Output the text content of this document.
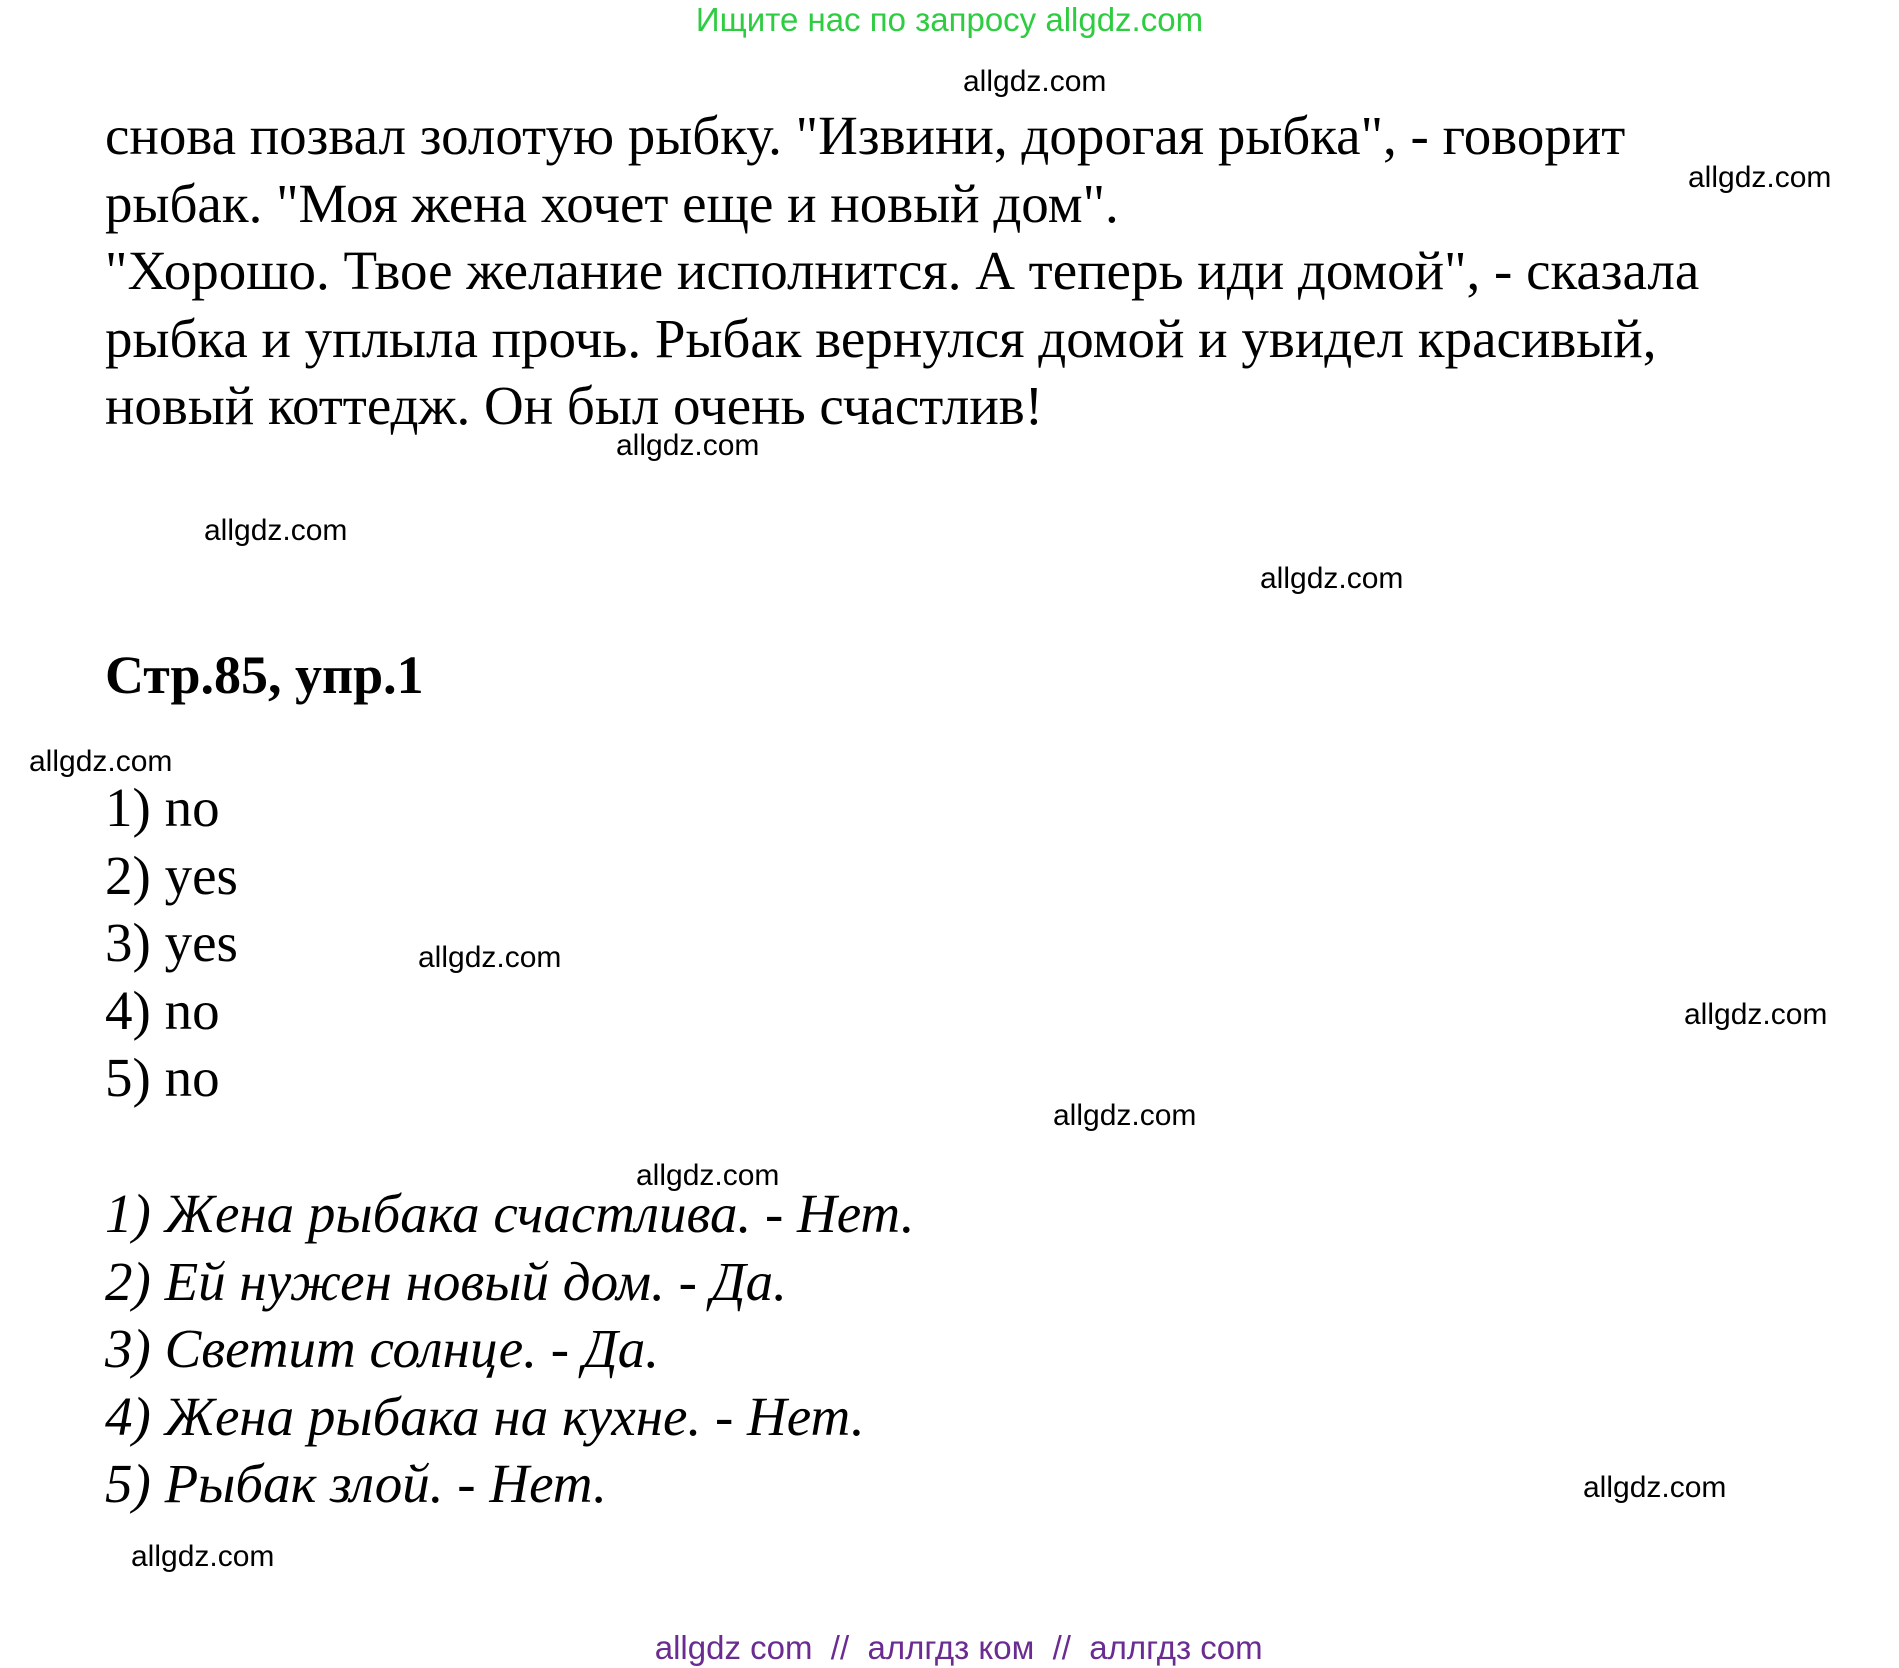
Ищите нас по запросу allgdz.com
allgdz.com
allgdz.com
снова позвал золотую рыбку. "Извини, дорогая рыбка", - говорит
рыбак. "Моя жена хочет еще и новый дом".
"Хорошо. Твое желание исполнится. А теперь иди домой", - сказала
рыбка и уплыла прочь. Рыбак вернулся домой и увидел красивый,
новый коттедж. Он был очень счастлив!
allgdz.com
allgdz.com
allgdz.com
Стр.85, упр.1
allgdz.com
1) no
2) yes
3) yes
4) no
5) no
allgdz.com
allgdz.com
allgdz.com
allgdz.com
1) Жена рыбака счастлива. - Нет.
2) Ей нужен новый дом. - Да.
3) Светит солнце. - Да.
4) Жена рыбака на кухне. - Нет.
5) Рыбак злой. - Нет.	allgdz.com
allgdz.com

allgdz com  //  аллгдз ком  //  аллгдз com
